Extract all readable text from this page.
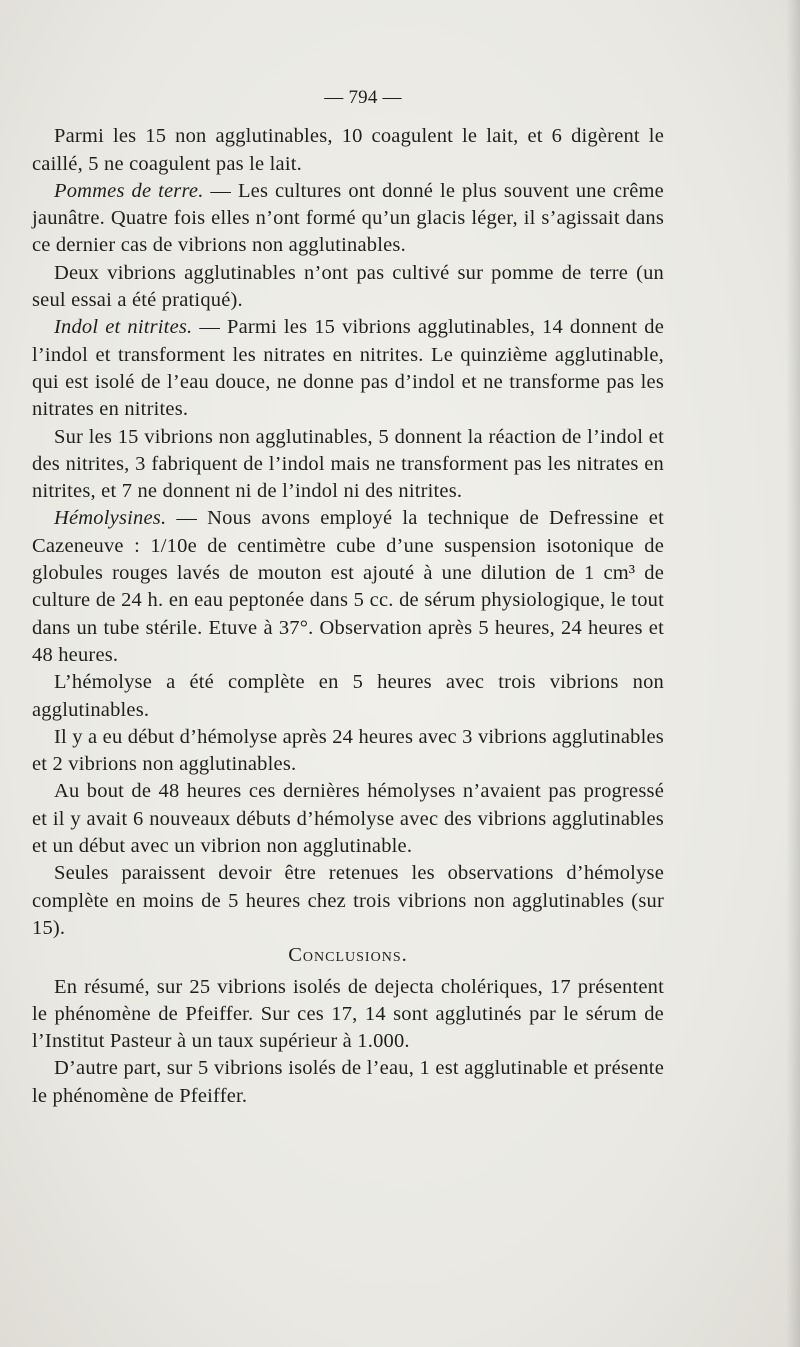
— 794 —

Parmi les 15 non agglutinables, 10 coagulent le lait, et 6 digèrent le caillé, 5 ne coagulent pas le lait.

Pommes de terre. — Les cultures ont donné le plus souvent une crême jaunâtre. Quatre fois elles n’ont formé qu’un glacis léger, il s’agissait dans ce dernier cas de vibrions non agglutinables.

Deux vibrions agglutinables n’ont pas cultivé sur pomme de terre (un seul essai a été pratiqué).

Indol et nitrites. — Parmi les 15 vibrions agglutinables, 14 donnent de l’indol et transforment les nitrates en nitrites. Le quinzième agglutinable, qui est isolé de l’eau douce, ne donne pas d’indol et ne transforme pas les nitrates en nitrites.

Sur les 15 vibrions non agglutinables, 5 donnent la réaction de l’indol et des nitrites, 3 fabriquent de l’indol mais ne transforment pas les nitrates en nitrites, et 7 ne donnent ni de l’indol ni des nitrites.

Hémolysines. — Nous avons employé la technique de Defressine et Cazeneuve : 1/10e de centimètre cube d’une suspension isotonique de globules rouges lavés de mouton est ajouté à une dilution de 1 cm³ de culture de 24 h. en eau peptonée dans 5 cc. de sérum physiologique, le tout dans un tube stérile. Etuve à 37°. Observation après 5 heures, 24 heures et 48 heures.

L’hémolyse a été complète en 5 heures avec trois vibrions non agglutinables.

Il y a eu début d’hémolyse après 24 heures avec 3 vibrions agglutinables et 2 vibrions non agglutinables.

Au bout de 48 heures ces dernières hémolyses n’avaient pas progressé et il y avait 6 nouveaux débuts d’hémolyse avec des vibrions agglutinables et un début avec un vibrion non agglutinable.

Seules paraissent devoir être retenues les observations d’hémolyse complète en moins de 5 heures chez trois vibrions non agglutinables (sur 15).

Conclusions.

En résumé, sur 25 vibrions isolés de dejecta cholériques, 17 présentent le phénomène de Pfeiffer. Sur ces 17, 14 sont agglutinés par le sérum de l’Institut Pasteur à un taux supérieur à 1.000.

D’autre part, sur 5 vibrions isolés de l’eau, 1 est agglutinable et présente le phénomène de Pfeiffer.
